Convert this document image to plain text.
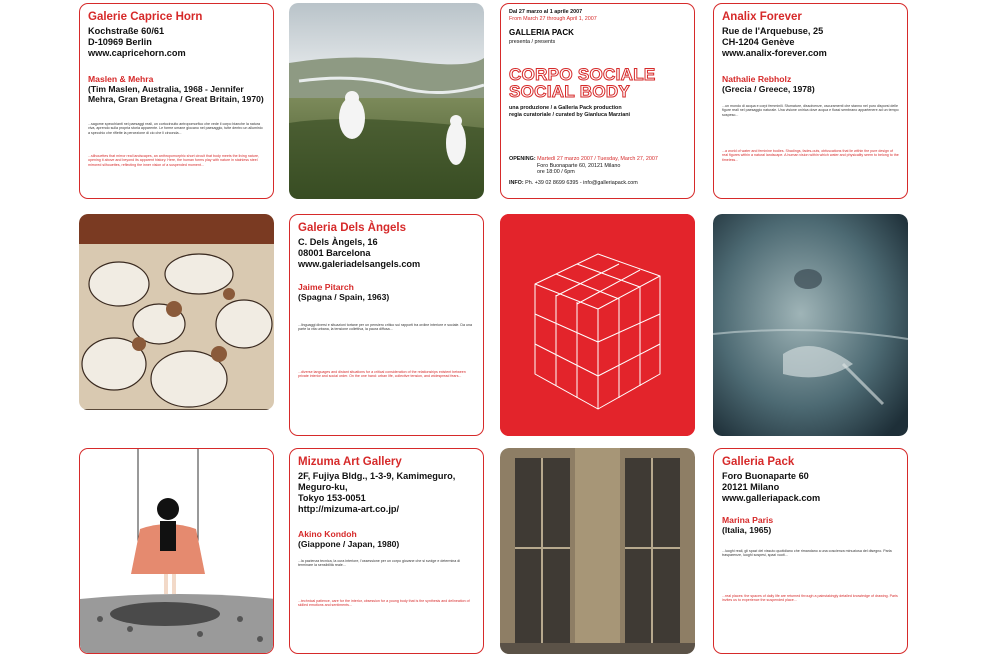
Galerie Caprice Horn
Kochstraße 60/61
D-10969 Berlin
www.capricehorn.com
Maslen & Mehra
(Tim Maslen, Australia, 1968 - Jennifer Mehra, Gran Bretagna / Great Britain, 1970)
...sagome specchianti nei paesaggi reali, un cortocircuito antropomorfico che vede il corpo bianche la natura viva, aprendo sulla propria storia apparente. Le forme umane giocano nel paesaggio, tutte dentro un alluminio a specchio che riflette la percezione di cio che li circonda...
...silhouettes that mirror real landscapes, an anthropomorphic short circuit that body meets the living nature, opening it above and beyond its apparent history. Here, the human forms play with nature in stainless steel mirrored silhouettes, reflecting the inner vision of a suspended moment...
Dal 27 marzo al 1 aprile 2007
From March 27 through April 1, 2007
GALLERIA PACK
presenta / presents
CORPO SOCIALE
SOCIAL BODY
una produzione / a Galleria Pack production
regia curatoriale / curated by Gianluca Marziani
OPENING: Martedì 27 marzo 2007 / Tuesday, March 27, 2007
Foro Buonaparte 60, 20121 Milano
ore 18:00 / 6pm
INFO: Ph. +39 02 8699 6395 - info@galleriapack.com
Analix Forever
Rue de l'Arquebuse, 25
CH-1204 Genève
www.analix-forever.com
Nathalie Rebholz
(Grecia / Greece, 1978)
...un mondo di acqua e corpi femminili. Sfumature, dissolvenze, oscuramenti che stanno nel puro disporsi delle figure reali nel paesaggio naturale. Una visione onirica dove acqua e flussi sembrano appartenere ad un tempo sospeso...
...a world of water and feminine bodies. Shadings, fades-outs, obfuscations that lie within the pure design of real figures within a natural landscape. A human vision within which water and physicality seem to belong to the timeless...
Galeria Dels Àngels
C. Dels Àngels, 16
08001 Barcelona
www.galeriadelsangels.com
Jaime Pitarch
(Spagna / Spain, 1963)
...linguaggi diversi e situazioni tortane per un pensiero critico sui rapporti tra ordine interiore e sociale. Da una parte la vita urbana, la tensione collettiva, la paura diffusa...
...diverse languages and distant situations for a critical consideration of the relationships existent between private interior and social order. On the one hand: urban life, collective tension, and widespread fears...
Mizuma Art Gallery
2F, Fujiya Bldg., 1-3-9, Kamimeguro,
Meguro-ku,
Tokyo 153-0051
http://mizuma-art.co.jp/
Akino Kondoh
(Giappone / Japan, 1980)
...la pazienza tecnica, la cura interiore, l'ossessione per un corpo giovane che si svolge e determina di terminare la sensibilità reale...
...technical patience, care for the interior, obsession for a young body that is the synthesis and delineation of skilled emotions and sentiments...
Galleria Pack
Foro Buonaparte 60
20121 Milano
www.galleriapack.com
Marina Paris
(Italia, 1965)
...luoghi reali, gli spazi del vissuto quotidiano che rimandano a una coscienza minuziosa del disegno. Parla trasparenze, luoghi sospesi, spazi vuoti...
...real places: the spaces of daily life are returned through a painstakingly detailed knowledge of drawing. Paris invites us to experience the suspended place...
